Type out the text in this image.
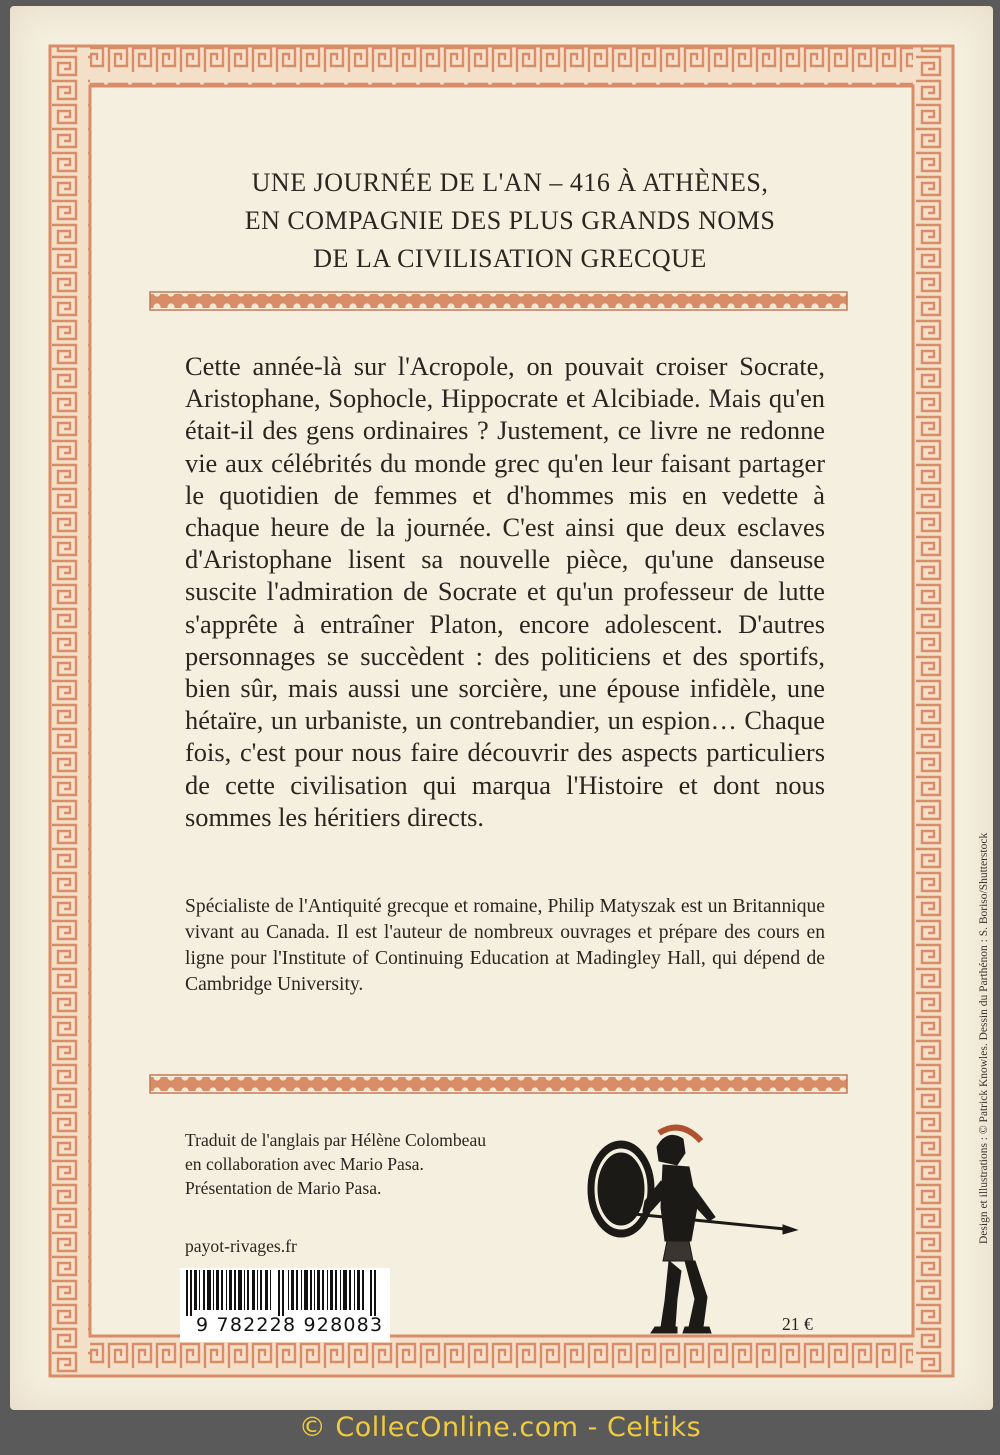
UNE JOURNÉE DE L'AN – 416 À ATHÈNES,
EN COMPAGNIE DES PLUS GRANDS NOMS
DE LA CIVILISATION GRECQUE
Cette année-là sur l'Acropole, on pouvait croiser Socrate, Aristophane, Sophocle, Hippocrate et Alcibiade. Mais qu'en était-il des gens ordinaires ? Justement, ce livre ne redonne vie aux célébrités du monde grec qu'en leur faisant partager le quotidien de femmes et d'hommes mis en vedette à chaque heure de la journée. C'est ainsi que deux esclaves d'Aristophane lisent sa nouvelle pièce, qu'une danseuse suscite l'admiration de Socrate et qu'un professeur de lutte s'apprête à entraîner Platon, encore adolescent. D'autres personnages se succèdent : des politiciens et des sportifs, bien sûr, mais aussi une sorcière, une épouse infidèle, une hétaïre, un urbaniste, un contrebandier, un espion… Chaque fois, c'est pour nous faire découvrir des aspects particuliers de cette civilisation qui marqua l'Histoire et dont nous sommes les héritiers directs.
Spécialiste de l'Antiquité grecque et romaine, Philip Matyszak est un Britannique vivant au Canada. Il est l'auteur de nombreux ouvrages et prépare des cours en ligne pour l'Institute of Continuing Education at Madingley Hall, qui dépend de Cambridge University.
Traduit de l'anglais par Hélène Colombeau
en collaboration avec Mario Pasa.
Présentation de Mario Pasa.
payot-rivages.fr
9 782228 928083	21 €
Design et illustrations : © Patrick Knowles. Dessin du Parthénon : S. Boriso/Shutterstock
© CollecOnline.com - Celtiks
